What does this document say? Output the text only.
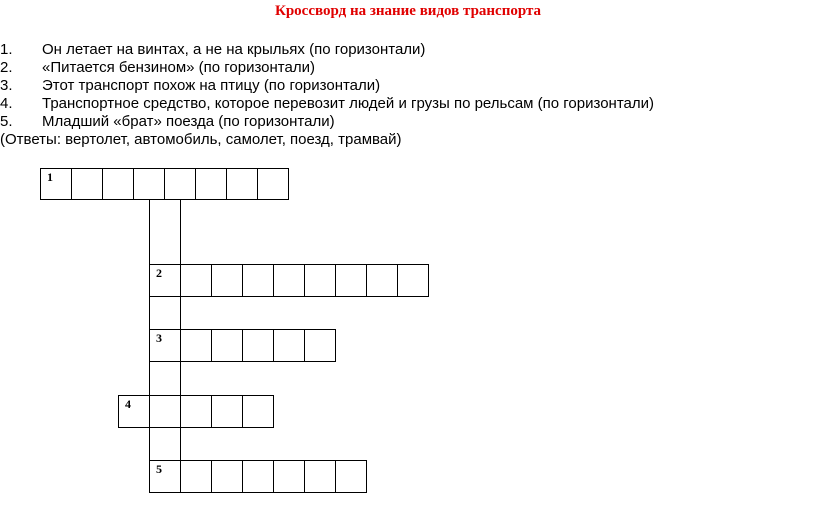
Кроссворд на знание видов транспорта
1. Он летает на винтах, а не на крыльях (по горизонтали)
2. «Питается бензином» (по горизонтали)
3. Этот транспорт похож на птицу (по горизонтали)
4. Транспортное средство, которое перевозит людей и грузы по рельсам (по горизонтали)
5. Младший «брат» поезда (по горизонтали)
(Ответы: вертолет, автомобиль, самолет, поезд, трамвай)
1
2
3
4
5
